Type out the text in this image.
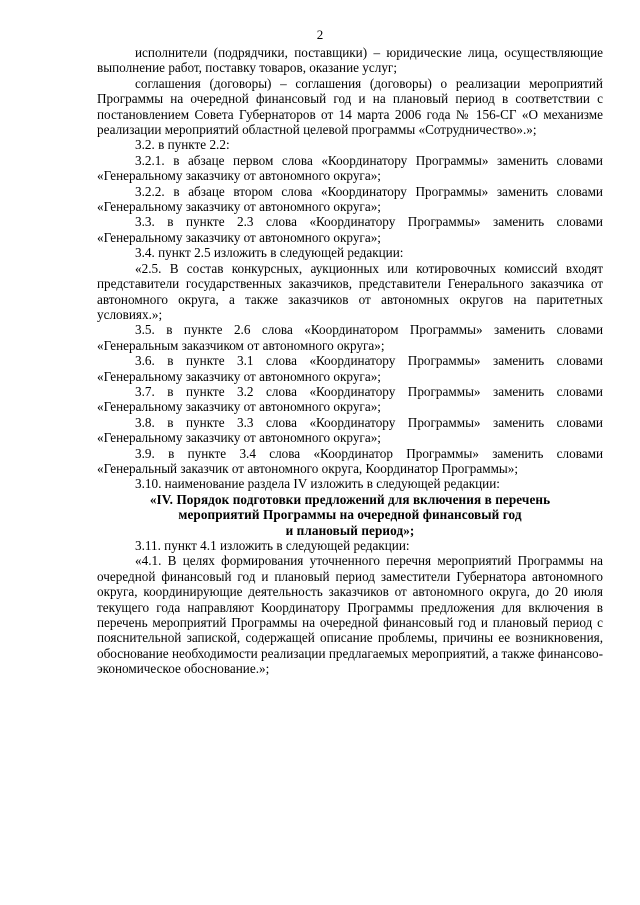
2

исполнители (подрядчики, поставщики) – юридические лица, осуществляющие выполнение работ, поставку товаров, оказание услуг;

соглашения (договоры) – соглашения (договоры) о реализации мероприятий Программы на очередной финансовый год и на плановый период в соответствии с постановлением Совета Губернаторов от 14 марта 2006 года № 156-СГ «О механизме реализации мероприятий областной целевой программы «Сотрудничество».»;

3.2. в пункте 2.2:

3.2.1. в абзаце первом слова «Координатору Программы» заменить словами «Генеральному заказчику от автономного округа»;

3.2.2. в абзаце втором слова «Координатору Программы» заменить словами «Генеральному заказчику от автономного округа»;

3.3. в пункте 2.3 слова «Координатору Программы» заменить словами «Генеральному заказчику от автономного округа»;

3.4. пункт 2.5 изложить в следующей редакции:

«2.5. В состав конкурсных, аукционных или котировочных комиссий входят представители государственных заказчиков, представители Генерального заказчика от автономного округа, а также заказчиков от автономных округов на паритетных условиях.»;

3.5. в пункте 2.6 слова «Координатором Программы» заменить словами «Генеральным заказчиком от автономного округа»;

3.6. в пункте 3.1 слова «Координатору Программы» заменить словами «Генеральному заказчику от автономного округа»;

3.7. в пункте 3.2 слова «Координатору Программы» заменить словами «Генеральному заказчику от автономного округа»;

3.8. в пункте 3.3 слова «Координатору Программы» заменить словами «Генеральному заказчику от автономного округа»;

3.9. в пункте 3.4 слова «Координатор Программы» заменить словами «Генеральный заказчик от автономного округа, Координатор Программы»;

3.10. наименование раздела IV изложить в следующей редакции:

«IV. Порядок подготовки предложений для включения в перечень

мероприятий Программы на очередной финансовый год

и плановый период»;

3.11. пункт 4.1 изложить в следующей редакции:

«4.1. В целях формирования уточненного перечня мероприятий Программы на очередной финансовый год и плановый период заместители Губернатора автономного округа, координирующие деятельность заказчиков от автономного округа, до 20 июля текущего года направляют Координатору Программы предложения для включения в перечень мероприятий Программы на очередной финансовый год и плановый период с пояснительной запиской, содержащей описание проблемы, причины ее возникновения, обоснование необходимости реализации предлагаемых мероприятий, а также финансово-экономическое обоснование.»;
